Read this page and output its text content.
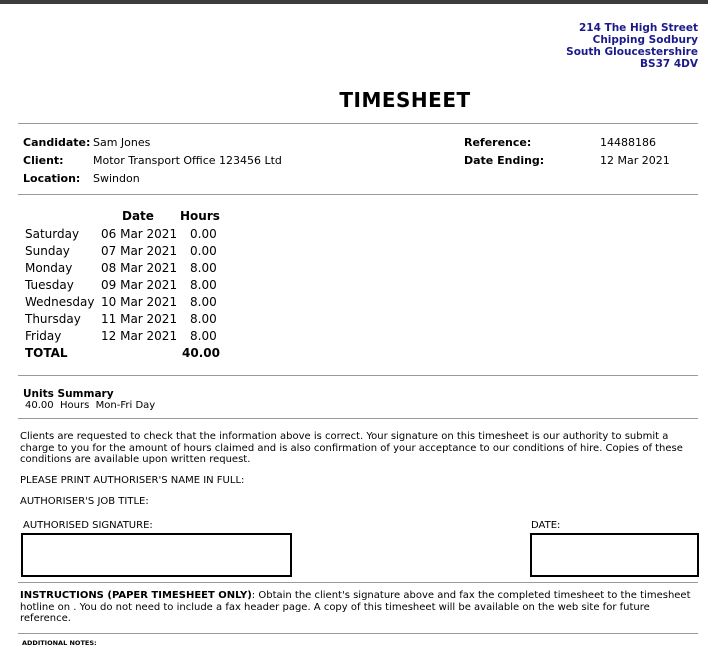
214 The High Street
Chipping Sodbury
South Gloucestershire
BS37 4DV
TIMESHEET
Candidate: Sam Jones
Client:	Motor Transport Office 123456 Ltd
Location: Swindon
Reference:	14488186
Date Ending:	12 Mar 2021
Date Hours
Saturday 06 Mar 2021 0.00
Sunday	07 Mar 2021 0.00
Monday 08 Mar 2021 8.00
Tuesday 09 Mar 2021 8.00
Wednesday 10 Mar 2021 8.00
Thursday 11 Mar 2021 8.00
Friday	12 Mar 2021 8.00
TOTAL	40.00
Units Summary
40.00 Hours Mon-Fri Day
Clients are requested to check that the information above is correct. Your signature on this timesheet is our authority to submit a charge to you for the amount of hours claimed and is also confirmation of your acceptance to our conditions of hire. Copies of these conditions are available upon written request.
PLEASE PRINT AUTHORISER'S NAME IN FULL:
AUTHORISER'S JOB TITLE:
AUTHORISED SIGNATURE:	DATE:
INSTRUCTIONS (PAPER TIMESHEET ONLY): Obtain the client's signature above and fax the completed timesheet to the timesheet hotline on . You do not need to include a fax header page. A copy of this timesheet will be available on the web site for future reference.
ADDITIONAL NOTES:
